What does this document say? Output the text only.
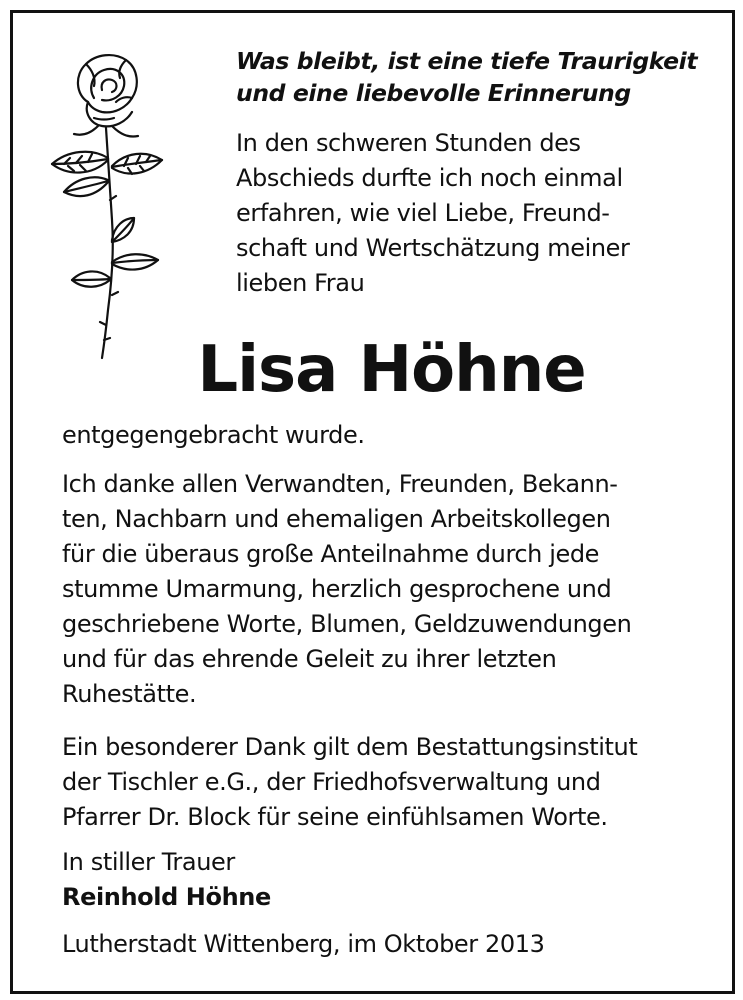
Was bleibt, ist eine tiefe Traurigkeit
und eine liebevolle Erinnerung
In den schweren Stunden des
Abschieds durfte ich noch einmal
erfahren, wie viel Liebe, Freund-
schaft und Wertschätzung meiner
lieben Frau
Lisa Höhne
entgegengebracht wurde.
Ich danke allen Verwandten, Freunden, Bekann-
ten, Nachbarn und ehemaligen Arbeitskollegen
für die überaus große Anteilnahme durch jede
stumme Umarmung, herzlich gesprochene und
geschriebene Worte, Blumen, Geldzuwendungen
und für das ehrende Geleit zu ihrer letzten
Ruhestätte.
Ein besonderer Dank gilt dem Bestattungsinstitut
der Tischler e.G., der Friedhofsverwaltung und
Pfarrer Dr. Block für seine einfühlsamen Worte.
In stiller Trauer
Reinhold Höhne
Lutherstadt Wittenberg, im Oktober 2013
